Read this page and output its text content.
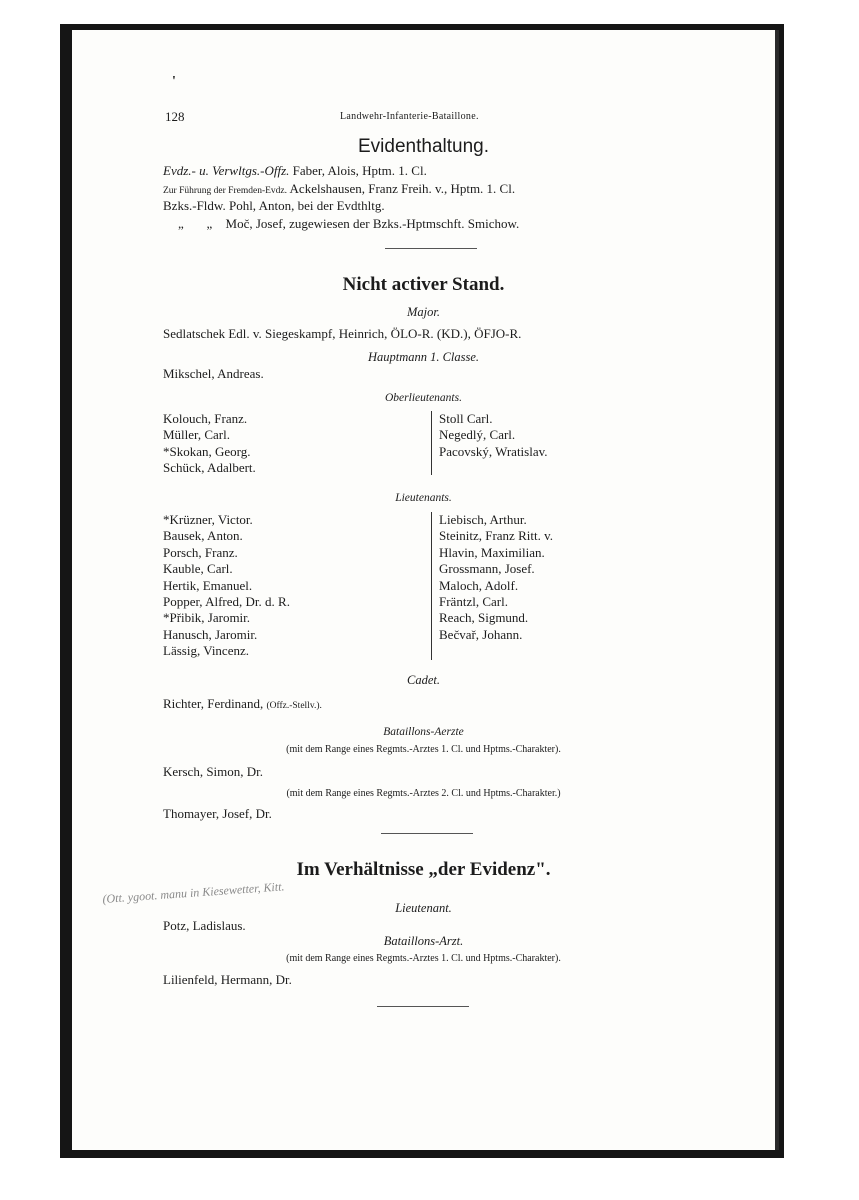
'
128	Landwehr-Infanterie-Bataillone.
Evidenthaltung.
Evdz.- u. Verwltgs.-Offz. Faber, Alois, Hptm. 1. Cl.
Zur Führung der Fremden-Evdz. Ackelshausen, Franz Freih. v., Hptm. 1. Cl.
Bzks.-Fldw. Pohl, Anton, bei der Evdthltg.
„       „ Moč, Josef, zugewiesen der Bzks.-Hptmschft. Smichow.
Nicht activer Stand.
Major.
Sedlatschek Edl. v. Siegeskampf, Heinrich, ÖLO-R. (KD.), ÖFJO-R.
Hauptmann 1. Classe.
Mikschel, Andreas.
Oberlieutenants.
Kolouch, Franz.
Müller, Carl.
*Skokan, Georg.
Schück, Adalbert.
Stoll Carl.
Negedlý, Carl.
Pacovský, Wratislav.
Lieutenants.
*Krüzner, Victor.
Bausek, Anton.
Porsch, Franz.
Kauble, Carl.
Hertik, Emanuel.
Popper, Alfred, Dr. d. R.
*Přibik, Jaromir.
Hanusch, Jaromir.
Lässig, Vincenz.
Liebisch, Arthur.
Steinitz, Franz Ritt. v.
Hlavin, Maximilian.
Grossmann, Josef.
Maloch, Adolf.
Fräntzl, Carl.
Reach, Sigmund.
Bečvař, Johann.
Cadet.
Richter, Ferdinand, (Offz.-Stellv.).
Bataillons-Aerzte
(mit dem Range eines Regmts.-Arztes 1. Cl. und Hptms.-Charakter).
Kersch, Simon, Dr.
(mit dem Range eines Regmts.-Arztes 2. Cl. und Hptms.-Charakter.)
Thomayer, Josef, Dr.
Im Verhältnisse „der Evidenz".
(Ott. ygoot. manu in Kiesewetter, Kitt.
Lieutenant.
Potz, Ladislaus.
Bataillons-Arzt.
(mit dem Range eines Regmts.-Arztes 1. Cl. und Hptms.-Charakter).
Lilienfeld, Hermann, Dr.
